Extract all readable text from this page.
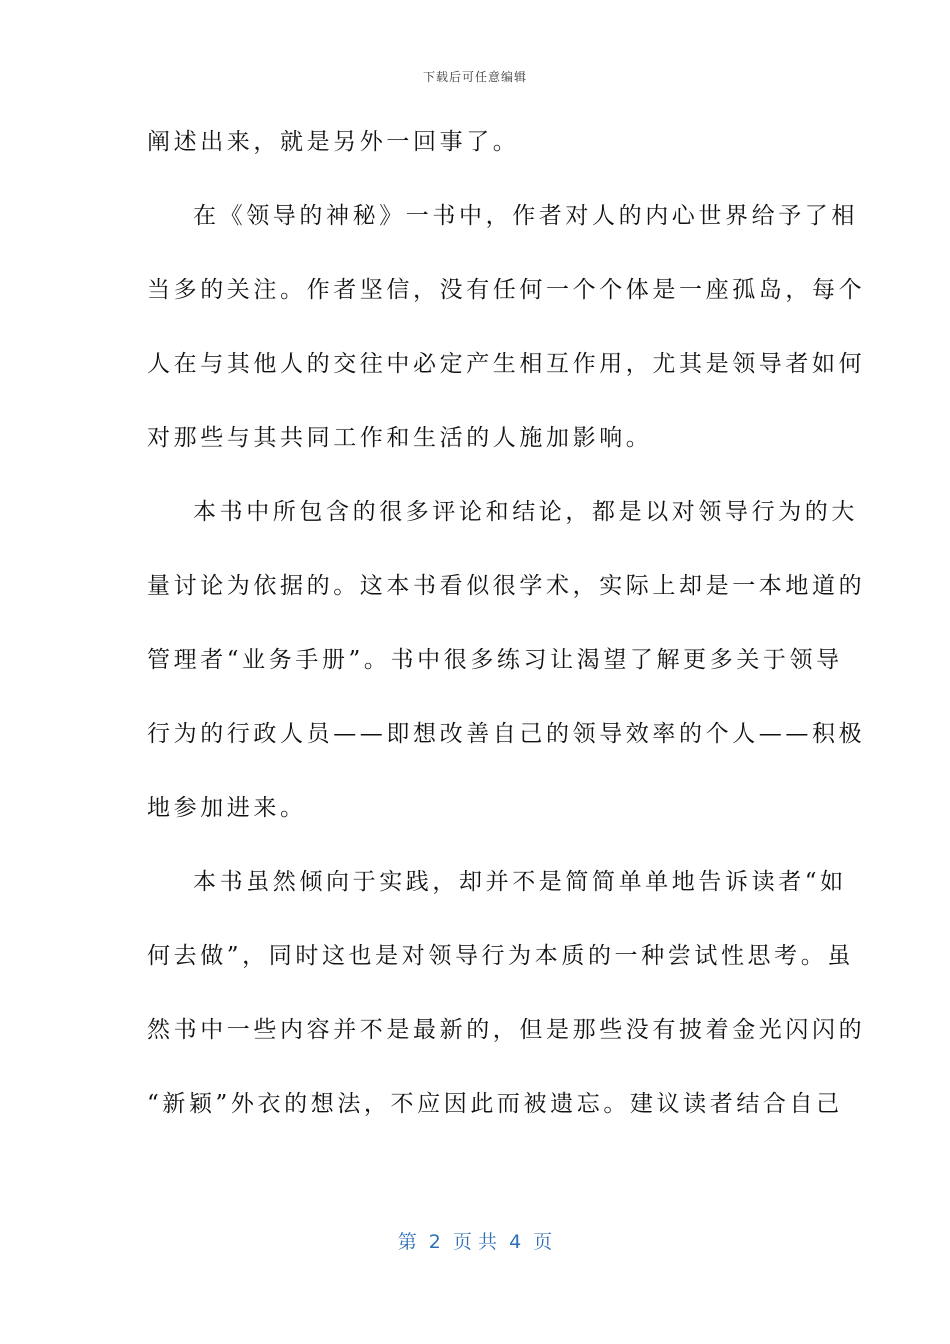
下载后可任意编辑
阐述出来，就是另外一回事了。
在《领导的神秘》一书中，作者对人的内心世界给予了相
当多的关注。作者坚信，没有任何一个个体是一座孤岛，每个
人在与其他人的交往中必定产生相互作用，尤其是领导者如何
对那些与其共同工作和生活的人施加影响。
本书中所包含的很多评论和结论，都是以对领导行为的大
量讨论为依据的。这本书看似很学术，实际上却是一本地道的
管理者“业务手册”。书中很多练习让渴望了解更多关于领导
行为的行政人员——即想改善自己的领导效率的个人——积极
地参加进来。
本书虽然倾向于实践，却并不是简简单单地告诉读者“如
何去做”，同时这也是对领导行为本质的一种尝试性思考。虽
然书中一些内容并不是最新的，但是那些没有披着金光闪闪的
“新颖”外衣的想法，不应因此而被遗忘。建议读者结合自己
第  2  页 共  4  页
